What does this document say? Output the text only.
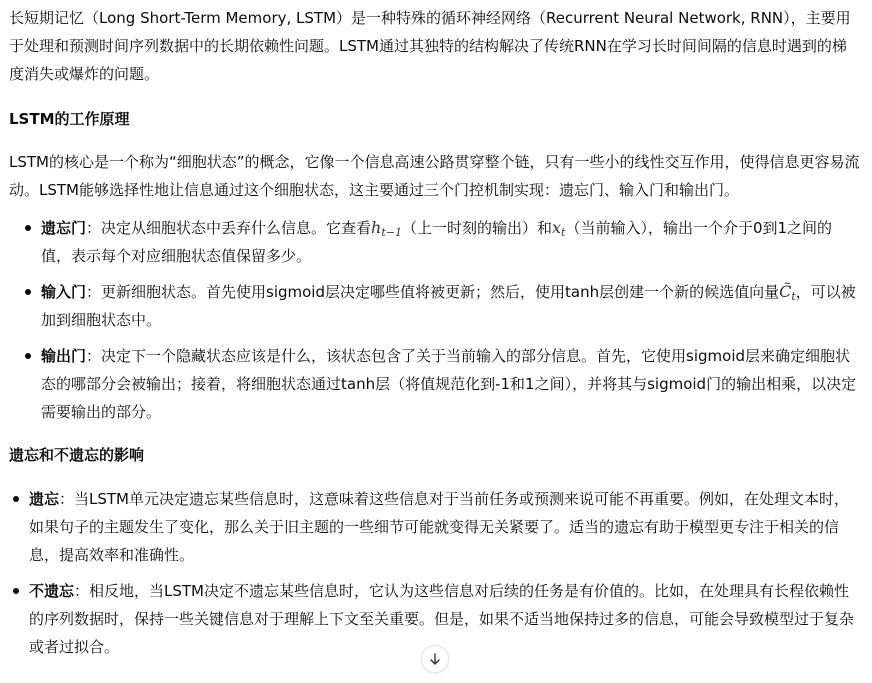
长短期记忆（Long Short-Term Memory, LSTM）是一种特殊的循环神经网络（Recurrent Neural Network, RNN），主要用于处理和预测时间序列数据中的长期依赖性问题。LSTM通过其独特的结构解决了传统RNN在学习长时间间隔的信息时遇到的梯度消失或爆炸的问题。

LSTM的工作原理

LSTM的核心是一个称为“细胞状态”的概念，它像一个信息高速公路贯穿整个链，只有一些小的线性交互作用，使得信息更容易流动。LSTM能够选择性地让信息通过这个细胞状态，这主要通过三个门控机制实现：遗忘门、输入门和输出门。

遗忘门：决定从细胞状态中丢弃什么信息。它查看$h_{t-1}$（上一时刻的输出）和$x_t$（当前输入），输出一个介于0到1之间的值，表示每个对应细胞状态值保留多少。
输入门：更新细胞状态。首先使用sigmoid层决定哪些值将被更新；然后，使用tanh层创建一个新的候选值向量$C̃_t$，可以被加到细胞状态中。
输出门：决定下一个隐藏状态应该是什么，该状态包含了关于当前输入的部分信息。首先，它使用sigmoid层来确定细胞状态的哪部分会被输出；接着，将细胞状态通过tanh层（将值规范化到-1和1之间），并将其与sigmoid门的输出相乘，以决定需要输出的部分。
遗忘和不遗忘的影响
遗忘：当LSTM单元决定遗忘某些信息时，这意味着这些信息对于当前任务或预测来说可能不再重要。例如，在处理文本时，如果句子的主题发生了变化，那么关于旧主题的一些细节可能就变得无关紧要了。适当的遗忘有助于模型更专注于相关的信息，提高效率和准确性。
不遗忘：相反地，当LSTM决定不遗忘某些信息时，它认为这些信息对后续的任务是有价值的。比如，在处理具有长程依赖性的序列数据时，保持一些关键信息对于理解上下文至关重要。但是，如果不适当地保持过多的信息，可能会导致模型过于复杂或者过拟合。
